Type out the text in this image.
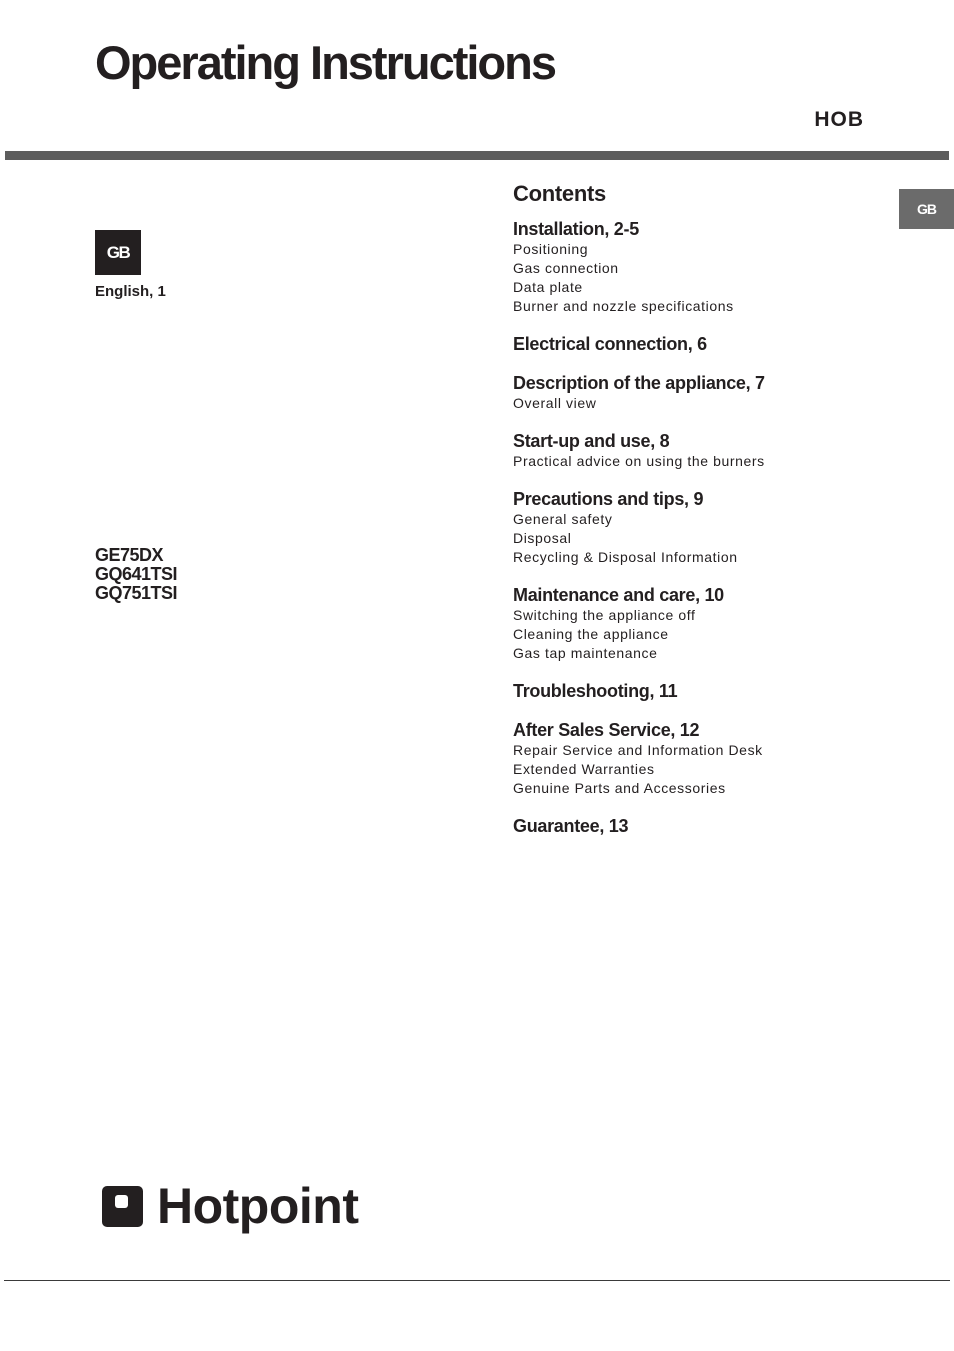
Operating Instructions
HOB
GB
GB
English, 1
GE75DX
GQ641TSI
GQ751TSI
Contents
Installation, 2-5
Positioning
Gas connection
Data plate
Burner and nozzle specifications
Electrical connection, 6
Description of the appliance, 7
Overall view
Start-up and use, 8
Practical advice on using the burners
Precautions and tips, 9
General safety
Disposal
Recycling & Disposal Information
Maintenance and care, 10
Switching the appliance off
Cleaning the appliance
Gas tap maintenance
Troubleshooting, 11
After Sales Service, 12
Repair Service and Information Desk
Extended Warranties
Genuine Parts and Accessories
Guarantee, 13
Hotpoint
